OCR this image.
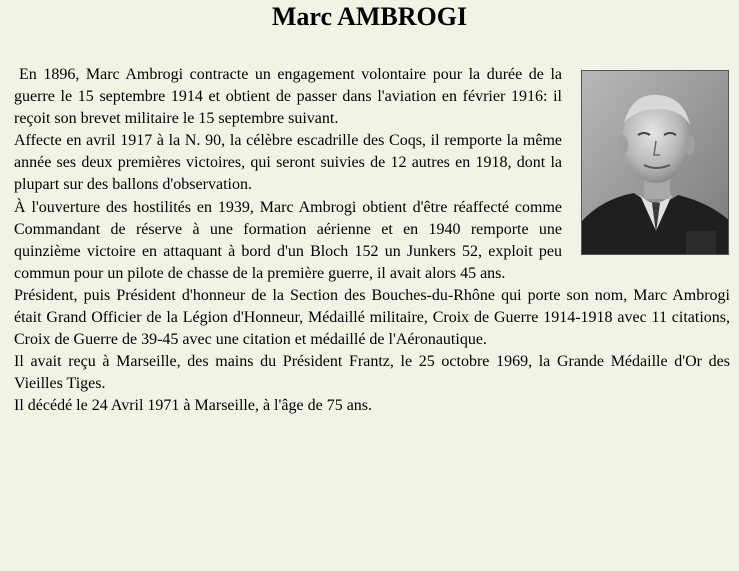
Marc AMBROGI

En 1896, Marc Ambrogi contracte un engagement volontaire pour la durée de la guerre le 15 septembre 1914 et obtient de passer dans l'aviation en février 1916: il reçoit son brevet militaire le 15 septembre suivant.

Affecte en avril 1917 à la N. 90, la célèbre escadrille des Coqs, il remporte la même année ses deux premières victoires, qui seront suivies de 12 autres en 1918, dont la plupart sur des ballons d'observation.

À l'ouverture des hostilités en 1939, Marc Ambrogi obtient d'être réaffecté comme Commandant de réserve à une formation aérienne et en 1940 remporte une quinzième victoire en attaquant à bord d'un Bloch 152 un Junkers 52, exploit peu commun pour un pilote de chasse de la première guerre, il avait alors 45 ans.

Président, puis Président d'honneur de la Section des Bouches-du-Rhône qui porte son nom, Marc Ambrogi était Grand Officier de la Légion d'Honneur, Médaillé militaire, Croix de Guerre 1914-1918 avec 11 citations, Croix de Guerre de 39-45 avec une citation et médaillé de l'Aéronautique.

Il avait reçu à Marseille, des mains du Président Frantz, le 25 octobre 1969, la Grande Médaille d'Or des Vieilles Tiges.

Il décédé le 24 Avril 1971 à Marseille, à l'âge de 75 ans.
